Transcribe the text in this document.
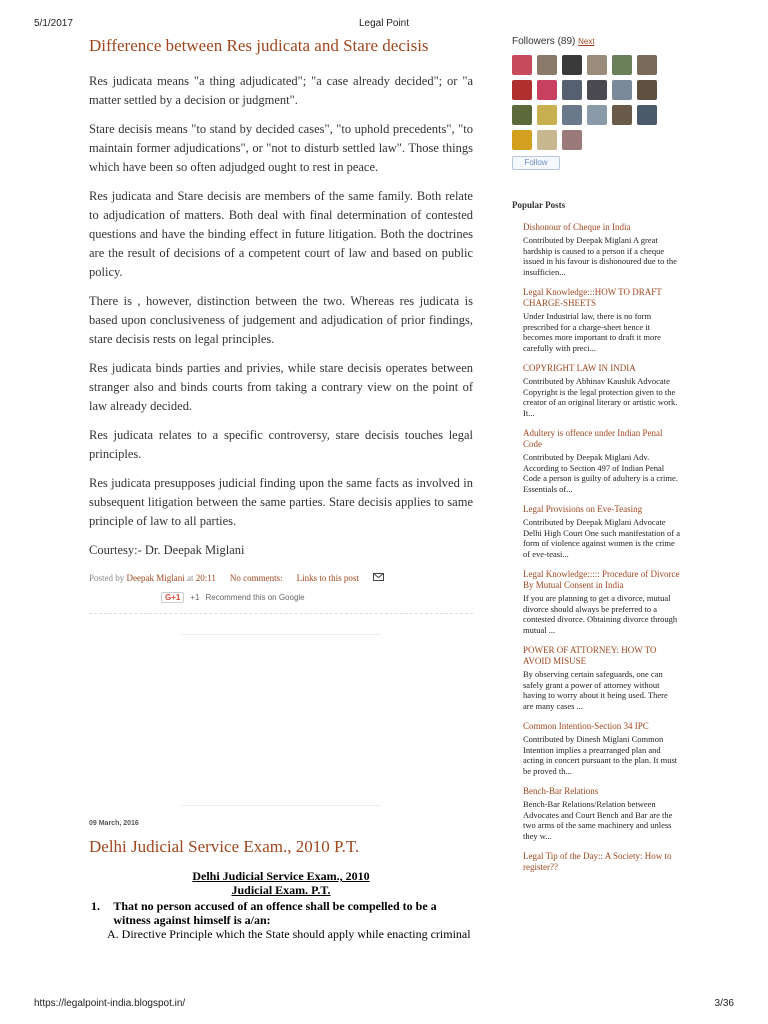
5/1/2017	Legal Point
Difference between Res judicata and Stare decisis

Res judicata means "a thing adjudicated"; "a case already decided"; or "a matter settled by a decision or judgment".

Stare decisis means "to stand by decided cases", "to uphold precedents", "to maintain former adjudications", or "not to disturb settled law". Those things which have been so often adjudged ought to rest in peace.

Res judicata and Stare decisis are members of the same family. Both relate to adjudication of matters. Both deal with final determination of contested questions and have the binding effect in future litigation. Both the doctrines are the result of decisions of a competent court of law and based on public policy.

There is , however, distinction between the two. Whereas res judicata is based upon conclusiveness of judgement and adjudication of prior findings, stare decisis rests on legal principles.

Res judicata binds parties and privies, while stare decisis operates between stranger also and binds courts from taking a contrary view on the point of law already decided.

Res judicata relates to a specific controversy, stare decisis touches legal principles.

Res judicata presupposes judicial finding upon the same facts as involved in subsequent litigation between the same parties. Stare decisis applies to same principle of law to all parties.

Courtesy:- Dr. Deepak Miglani

Posted by Deepak Miglani at 20:11 No comments: Links to this post
G+1	+1 Recommend this on Google
09 March, 2016
Delhi Judicial Service Exam., 2010 P.T.
Delhi Judicial Service Exam., 2010
Judicial Exam. P.T.
1.	That no person accused of an offence shall be compelled to be a witness against himself is a/an:
A. Directive Principle which the State should apply while enacting criminal
Followers (89) Next
Follow
Popular Posts
Dishonour of Cheque in India
Contributed by Deepak Miglani A great hardship is caused to a person if a cheque issued in his favour is dishonoured due to the insufficien...
Legal Knowledge:::HOW TO DRAFT CHARGE-SHEETS
Under Industrial law, there is no form prescribed for a charge-sheet hence it becomes more important to draft it more carefully with preci...
COPYRIGHT LAW IN INDIA
Contributed by Abhinav Kaushik Advocate Copyright is the legal protection given to the creator of an original literary or artistic work. It...
Adultery is offence under Indian Penal Code
Contributed by Deepak Miglani Adv. According to Section 497 of Indian Penal Code a person is guilty of adultery is a crime. Essentials of...
Legal Provisions on Eve-Teasing
Contributed by Deepak Miglani Advocate Delhi High Court One such manifestation of a form of violence against women is the crime of eve-teasi...
Legal Knowledge::::: Procedure of Divorce By Mutual Consent in India
If you are planning to get a divorce, mutual divorce should always be preferred to a contested divorce. Obtaining divorce through mutual ...
POWER OF ATTORNEY: HOW TO AVOID MISUSE
By observing certain safeguards, one can safely grant a power of attorney without having to worry about it being used. There are many cases ...
Common Intention-Section 34 IPC
Contributed by Dinesh Miglani Common Intention implies a prearranged plan and acting in concert pursuant to the plan. It must be proved th...
Bench-Bar Relations
Bench-Bar Relations/Relation between Advocates and Court Bench and Bar are the two arms of the same machinery and unless they w...
Legal Tip of the Day:: A Society: How to register??
https://legalpoint-india.blogspot.in/	3/36
